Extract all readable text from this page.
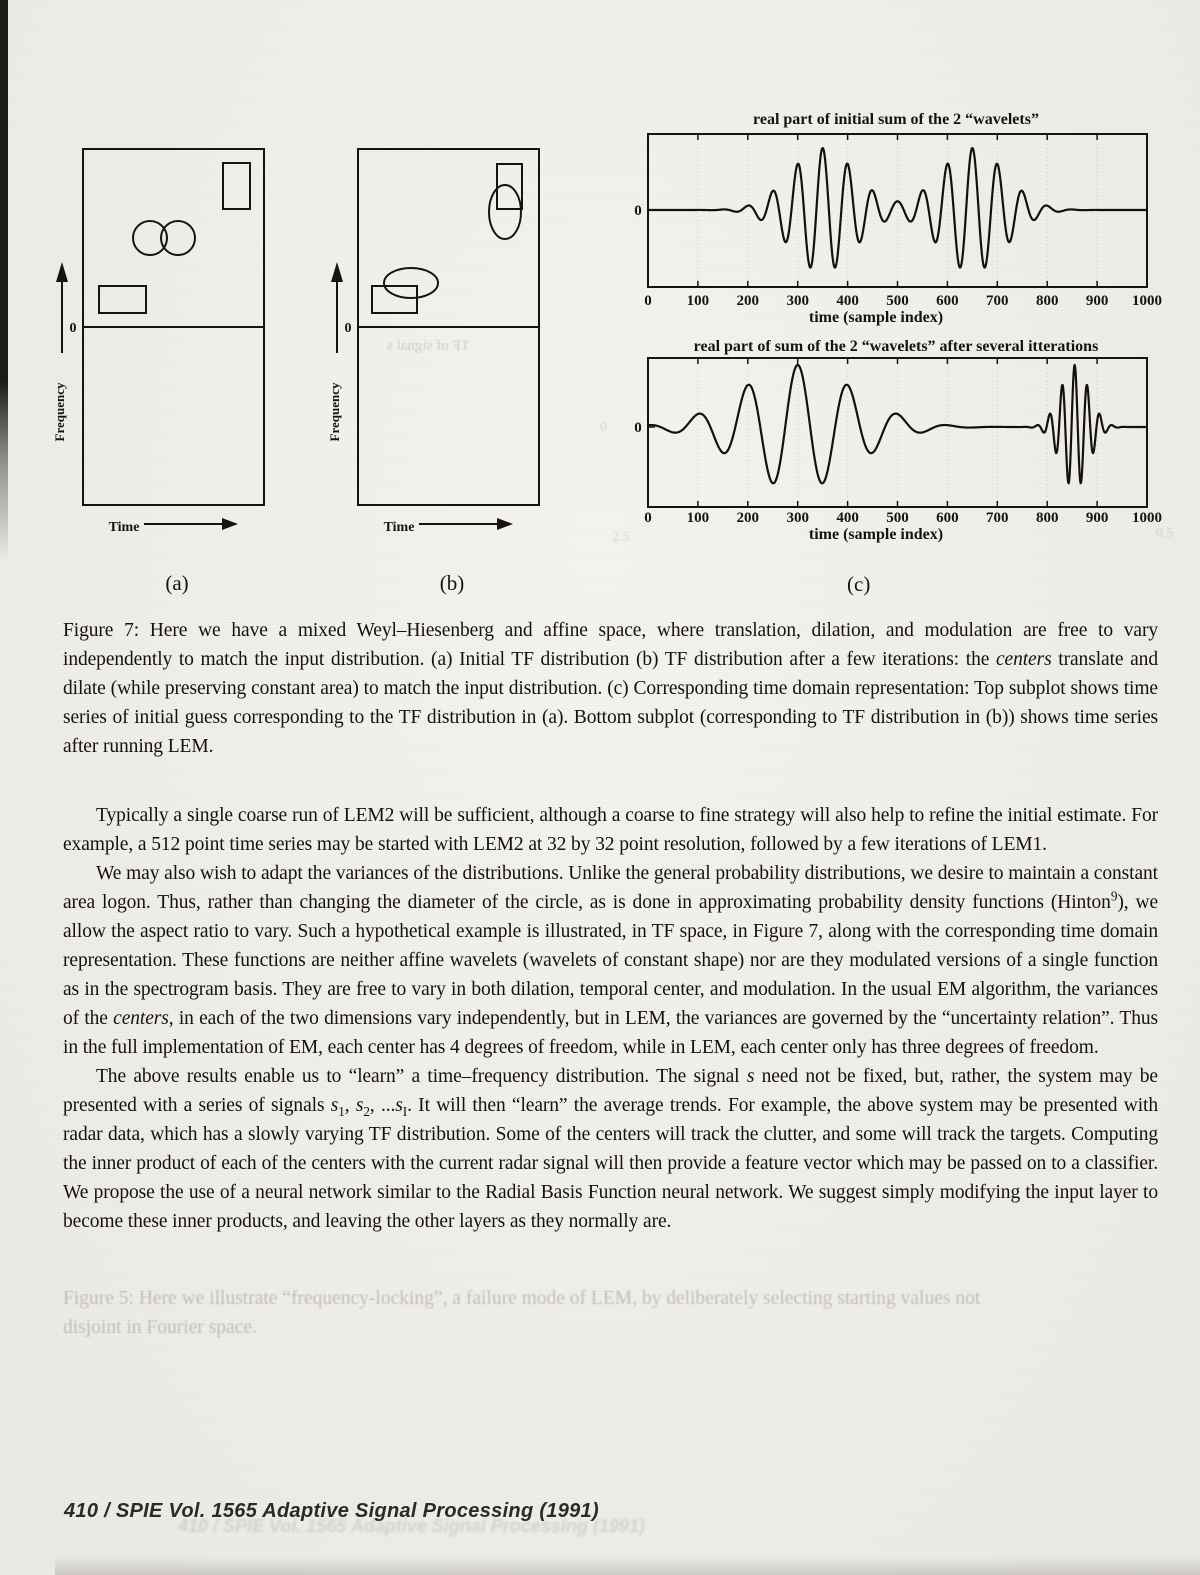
0
Frequency
Time
(a)
0
Frequency
Time
(b)
0 100 200 300 400 500 600 700 800 900 1000
0
real part of initial sum of the 2 “wavelets”
time (sample index)
0 100 200 300 400 500 600 700 800 900 1000
0
real part of sum of the 2 “wavelets” after several itterations
time (sample index)
(c)
Figure 7: Here we have a mixed Weyl–Hiesenberg and affine space, where translation, dilation, and modulation are free to vary independently to match the input distribution. (a) Initial TF distribution (b) TF distribution after a few iterations: the centers translate and dilate (while preserving constant area) to match the input distribution. (c) Corresponding time domain representation: Top subplot shows time series of initial guess corresponding to the TF distribution in (a). Bottom subplot (corresponding to TF distribution in (b)) shows time series after running LEM.

Typically a single coarse run of LEM2 will be sufficient, although a coarse to fine strategy will also help to refine the initial estimate. For example, a 512 point time series may be started with LEM2 at 32 by 32 point resolution, followed by a few iterations of LEM1.

We may also wish to adapt the variances of the distributions. Unlike the general probability distributions, we desire to maintain a constant area logon. Thus, rather than changing the diameter of the circle, as is done in approximating probability density functions (Hinton$^9$), we allow the aspect ratio to vary. Such a hypothetical example is illustrated, in TF space, in Figure 7, along with the corresponding time domain representation. These functions are neither affine wavelets (wavelets of constant shape) nor are they modulated versions of a single function as in the spectrogram basis. They are free to vary in both dilation, temporal center, and modulation. In the usual EM algorithm, the variances of the centers, in each of the two dimensions vary independently, but in LEM, the variances are governed by the “uncertainty relation”. Thus in the full implementation of EM, each center has 4 degrees of freedom, while in LEM, each center only has three degrees of freedom.

The above results enable us to “learn” a time–frequency distribution. The signal s need not be fixed, but, rather, the system may be presented with a series of signals $s_1$, $s_2$, $...s_I$. It will then “learn” the average trends. For example, the above system may be presented with radar data, which has a slowly varying TF distribution. Some of the centers will track the clutter, and some will track the targets. Computing the inner product of each of the centers with the current radar signal will then provide a feature vector which may be passed on to a classifier. We propose the use of a neural network similar to the Radial Basis Function neural network. We suggest simply modifying the input layer to become these inner products, and leaving the other layers as they normally are.

Figure 5: Here we illustrate “frequency-locking”, a failure mode of LEM, by deliberately selecting starting values not
disjoint in Fourier space.
TF of signal s
410 / SPIE Vol. 1565 Adaptive Signal Processing (1991)
2.5
0
0.5
410 / SPIE Vol. 1565 Adaptive Signal Processing (1991)
